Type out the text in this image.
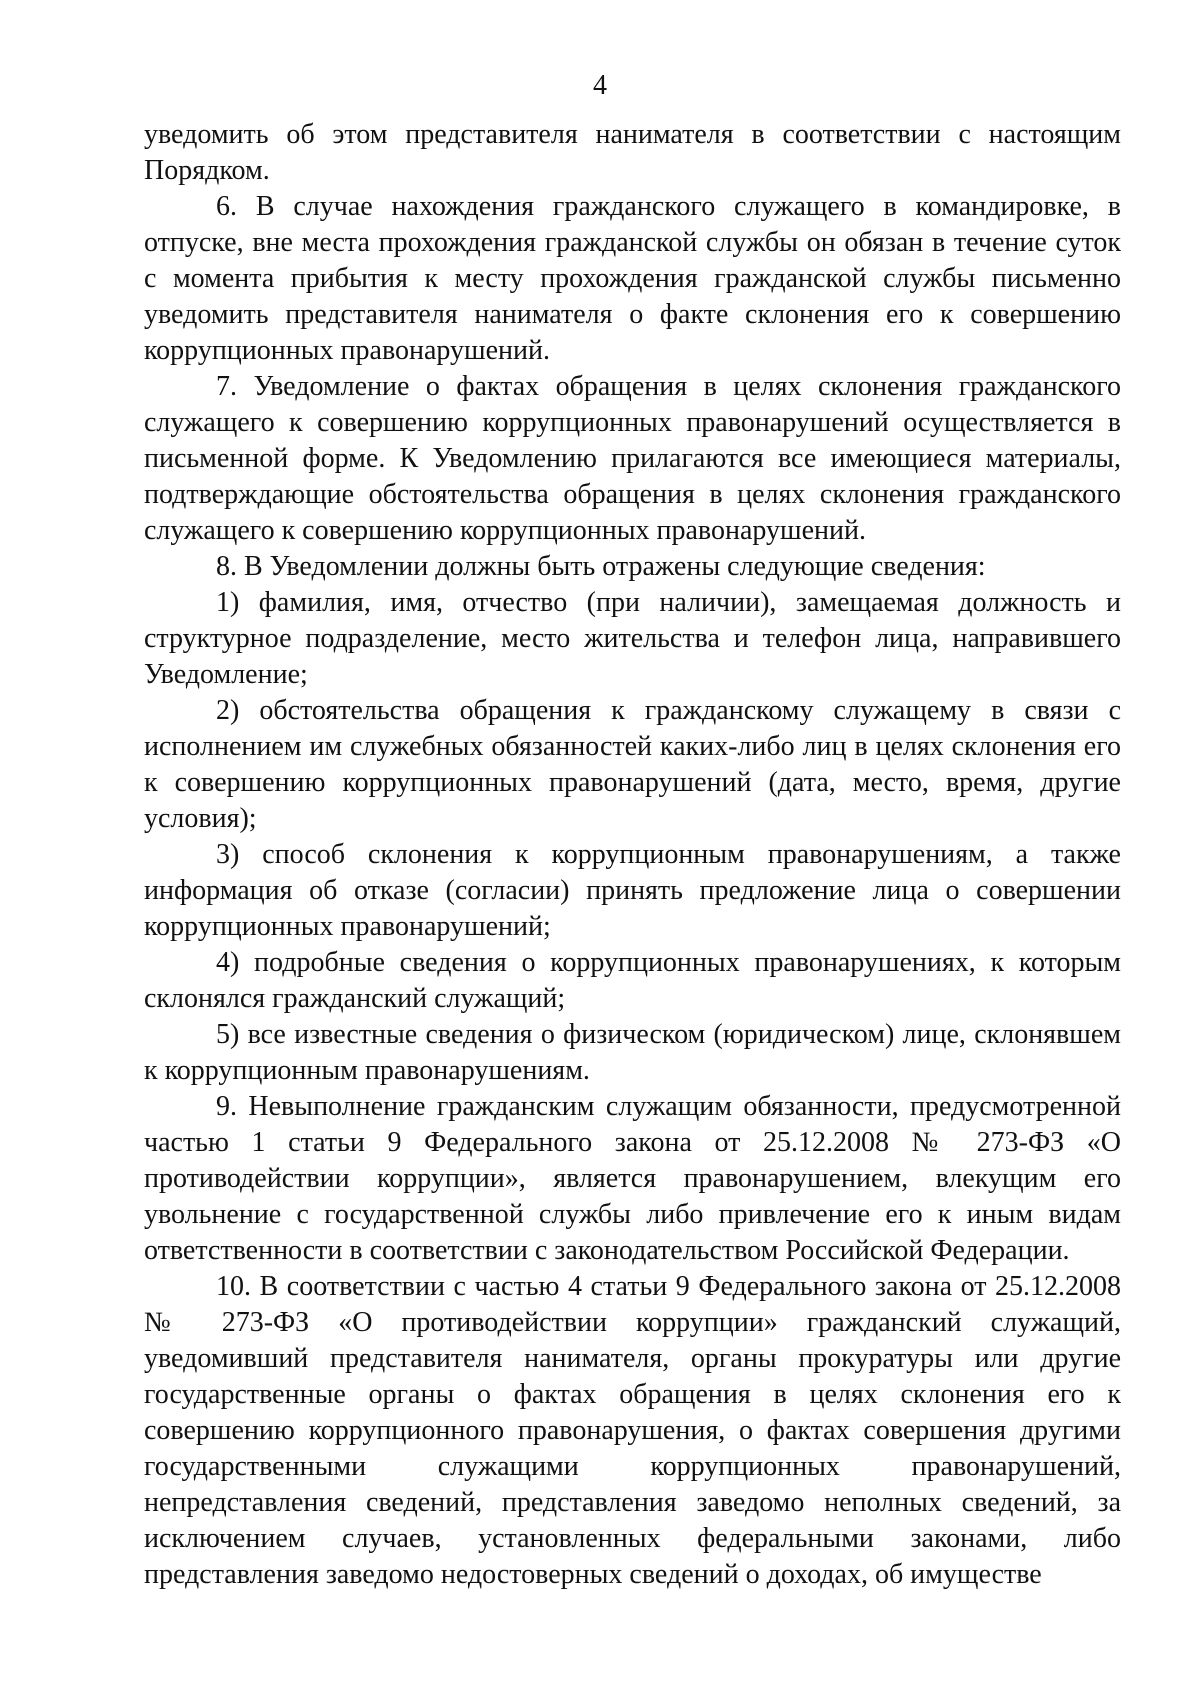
4

уведомить об этом представителя нанимателя в соответствии с настоящим Порядком.

6. В случае нахождения гражданского служащего в командировке, в отпуске, вне места прохождения гражданской службы он обязан в течение суток с момента прибытия к месту прохождения гражданской службы письменно уведомить представителя нанимателя о факте склонения его к совершению коррупционных правонарушений.

7. Уведомление о фактах обращения в целях склонения гражданского служащего к совершению коррупционных правонарушений осуществляется в письменной форме. К Уведомлению прилагаются все имеющиеся материалы, подтверждающие обстоятельства обращения в целях склонения гражданского служащего к совершению коррупционных правонарушений.

8. В Уведомлении должны быть отражены следующие сведения:

1) фамилия, имя, отчество (при наличии), замещаемая должность и структурное подразделение, место жительства и телефон лица, направившего Уведомление;

2) обстоятельства обращения к гражданскому служащему в связи с исполнением им служебных обязанностей каких-либо лиц в целях склонения его к совершению коррупционных правонарушений (дата, место, время, другие условия);

3) способ склонения к коррупционным правонарушениям, а также информация об отказе (согласии) принять предложение лица о совершении коррупционных правонарушений;

4) подробные сведения о коррупционных правонарушениях, к которым склонялся гражданский служащий;

5) все известные сведения о физическом (юридическом) лице, склонявшем к коррупционным правонарушениям.

9. Невыполнение гражданским служащим обязанности, предусмотренной частью 1 статьи 9 Федерального закона от 25.12.2008 № 273-ФЗ «О противодействии коррупции», является правонарушением, влекущим его увольнение с государственной службы либо привлечение его к иным видам ответственности в соответствии с законодательством Российской Федерации.

10. В соответствии с частью 4 статьи 9 Федерального закона от 25.12.2008 № 273-ФЗ «О противодействии коррупции» гражданский служащий, уведомивший представителя нанимателя, органы прокуратуры или другие государственные органы о фактах обращения в целях склонения его к совершению коррупционного правонарушения, о фактах совершения другими государственными служащими коррупционных правонарушений, непредставления сведений, представления заведомо неполных сведений, за исключением случаев, установленных федеральными законами, либо представления заведомо недостоверных сведений о доходах, об имуществе
